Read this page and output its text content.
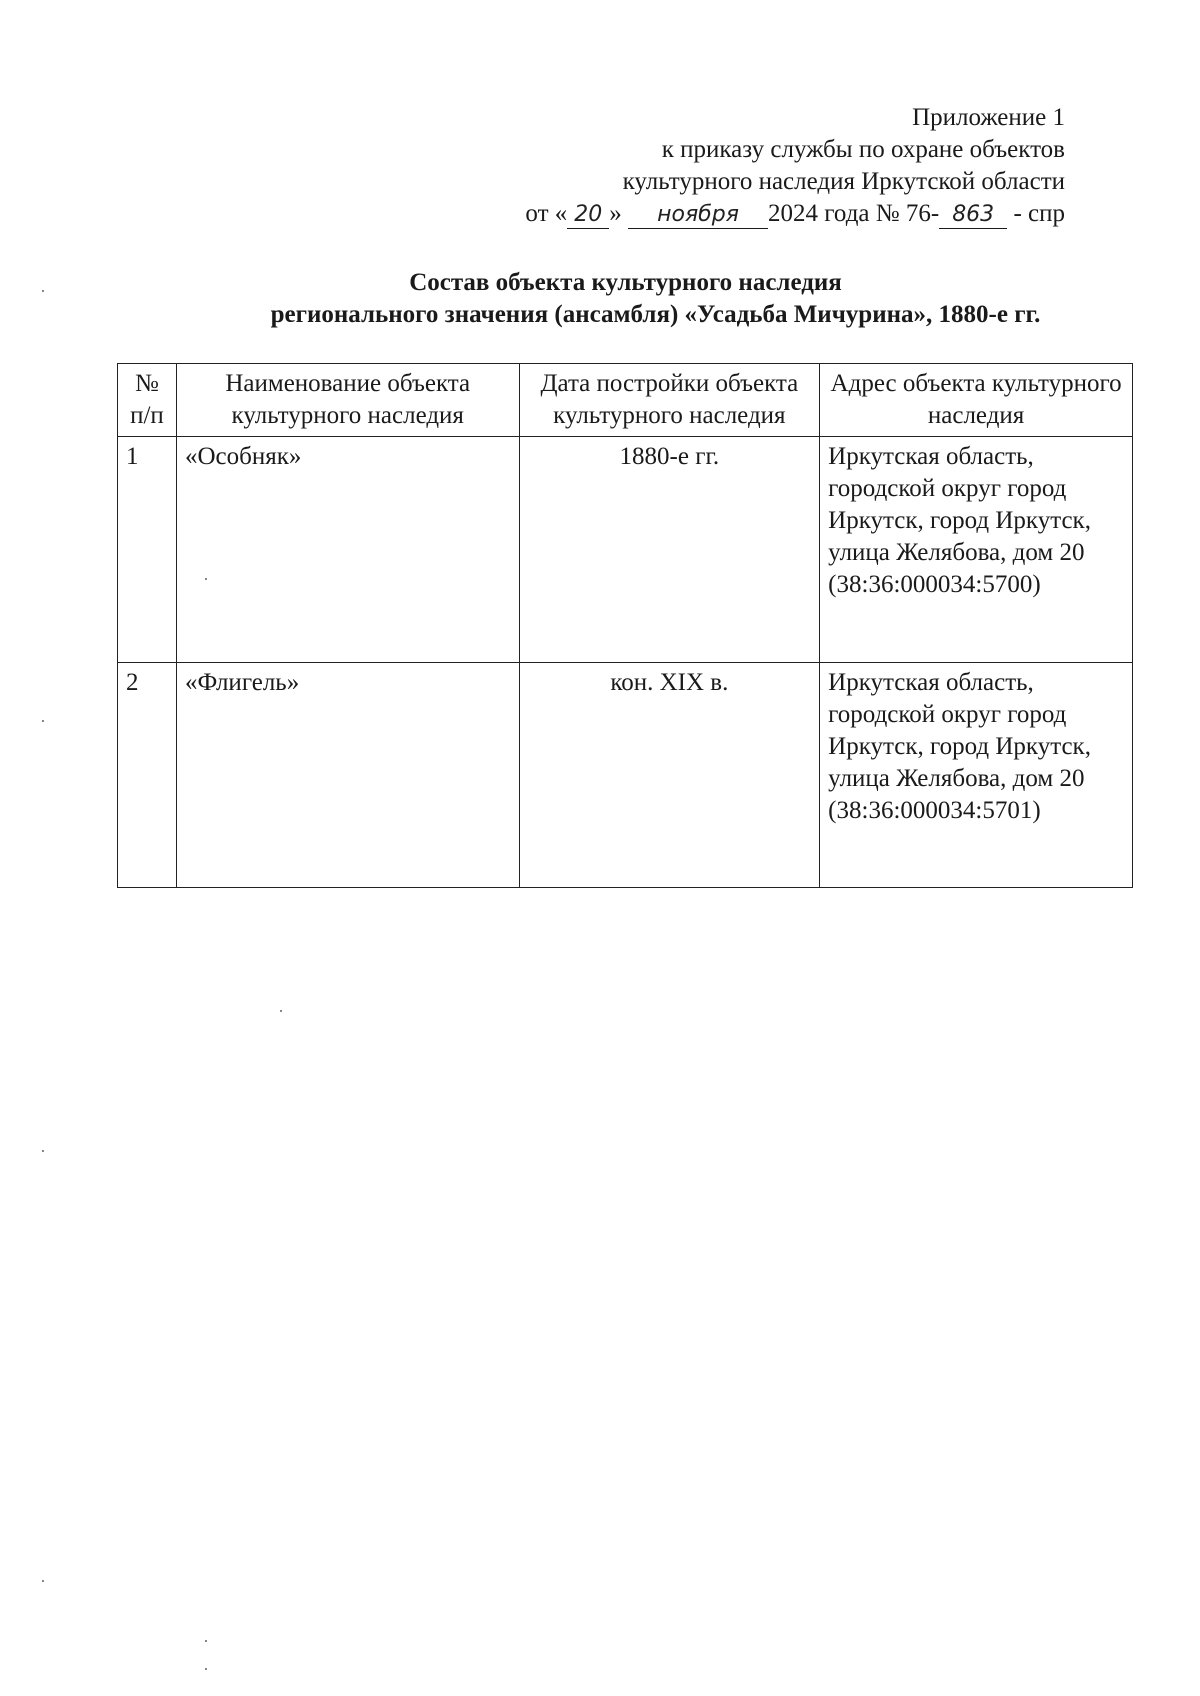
Приложение 1
к приказу службы по охране объектов
культурного наследия Иркутской области
от « 20 » ноября 2024 года № 76- 863 - спр
Состав объекта культурного наследия
регионального значения (ансамбля) «Усадьба Мичурина», 1880-е гг.
№ п/п	Наименование объекта культурного наследия	Дата постройки объекта культурного наследия	Адрес объекта культурного наследия
1	«Особняк»	1880-е гг.	Иркутская область, городской округ город Иркутск, город Иркутск, улица Желябова, дом 20 (38:36:000034:5700)
2	«Флигель»	кон. XIX в.	Иркутская область, городской округ город Иркутск, город Иркутск, улица Желябова, дом 20 (38:36:000034:5701)
